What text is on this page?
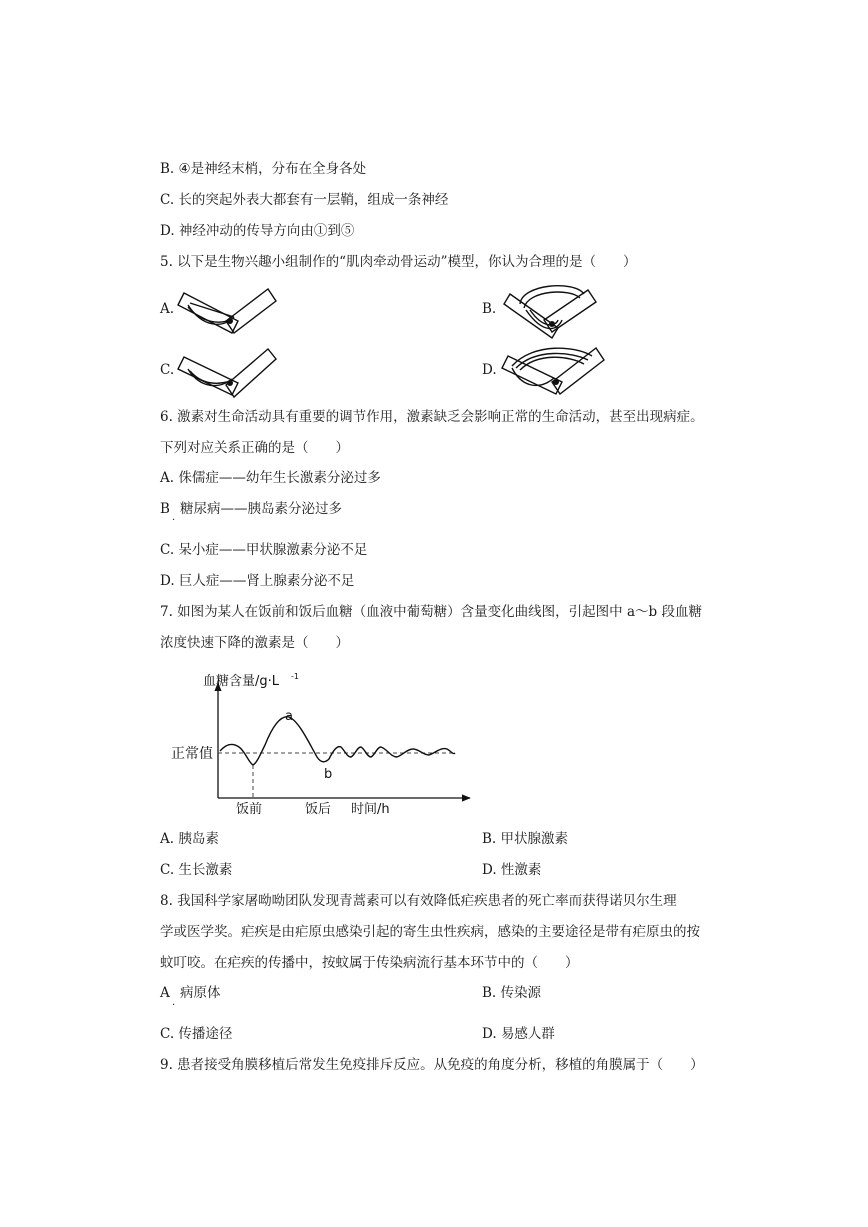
B. ④是神经末梢，分布在全身各处
C. 长的突起外表大都套有一层鞘，组成一条神经
D. 神经冲动的传导方向由①到⑤
5. 以下是生物兴趣小组制作的“肌肉牵动骨运动”模型，你认为合理的是（　　）
A.	B.
C.	D.
6. 激素对生命活动具有重要的调节作用，激素缺乏会影响正常的生命活动，甚至出现病症。
下列对应关系正确的是（　　）
A. 侏儒症——幼年生长激素分泌过多
B
·
糖尿病——胰岛素分泌过多
C. 呆小症——甲状腺激素分泌不足
D. 巨人症——肾上腺素分泌不足
7. 如图为某人在饭前和饭后血糖（血液中葡萄糖）含量变化曲线图，引起图中 a～b 段血糖
浓度快速下降的激素是（　　）
血糖含量/g·L -1
正常值
a
b
饭前	饭后 时间/h
A. 胰岛素	B. 甲状腺激素
C. 生长激素	D. 性激素
8. 我国科学家屠呦呦团队发现青蒿素可以有效降低疟疾患者的死亡率而获得诺贝尔生理
学或医学奖。疟疾是由疟原虫感染引起的寄生虫性疾病，感染的主要途径是带有疟原虫的按
蚊叮咬。在疟疾的传播中，按蚊属于传染病流行基本环节中的（　　）
A
·
病原体	B. 传染源
C. 传播途径	D. 易感人群
9. 患者接受角膜移植后常发生免疫排斥反应。从免疫的角度分析，移植的角膜属于（　　）
